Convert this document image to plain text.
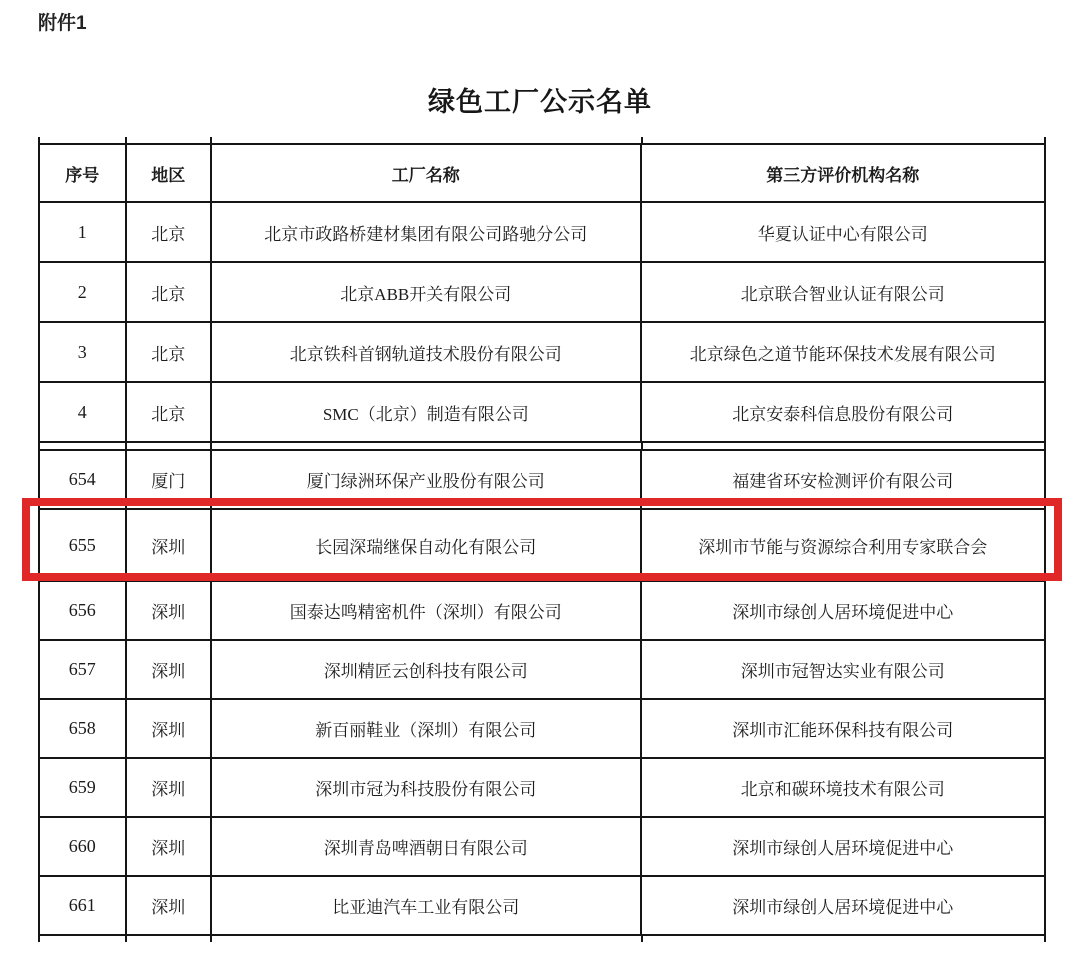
附件1
绿色工厂公示名单
序号	地区	工厂名称	第三方评价机构名称
1	北京	北京市政路桥建材集团有限公司路驰分公司	华夏认证中心有限公司
2	北京	北京ABB开关有限公司	北京联合智业认证有限公司
3	北京	北京铁科首钢轨道技术股份有限公司	北京绿色之道节能环保技术发展有限公司
4	北京	SMC（北京）制造有限公司	北京安泰科信息股份有限公司
654	厦门	厦门绿洲环保产业股份有限公司	福建省环安检测评价有限公司
655	深圳	长园深瑞继保自动化有限公司	深圳市节能与资源综合利用专家联合会
656	深圳	国泰达鸣精密机件（深圳）有限公司	深圳市绿创人居环境促进中心
657	深圳	深圳精匠云创科技有限公司	深圳市冠智达实业有限公司
658	深圳	新百丽鞋业（深圳）有限公司	深圳市汇能环保科技有限公司
659	深圳	深圳市冠为科技股份有限公司	北京和碳环境技术有限公司
660	深圳	深圳青岛啤酒朝日有限公司	深圳市绿创人居环境促进中心
661	深圳	比亚迪汽车工业有限公司	深圳市绿创人居环境促进中心
